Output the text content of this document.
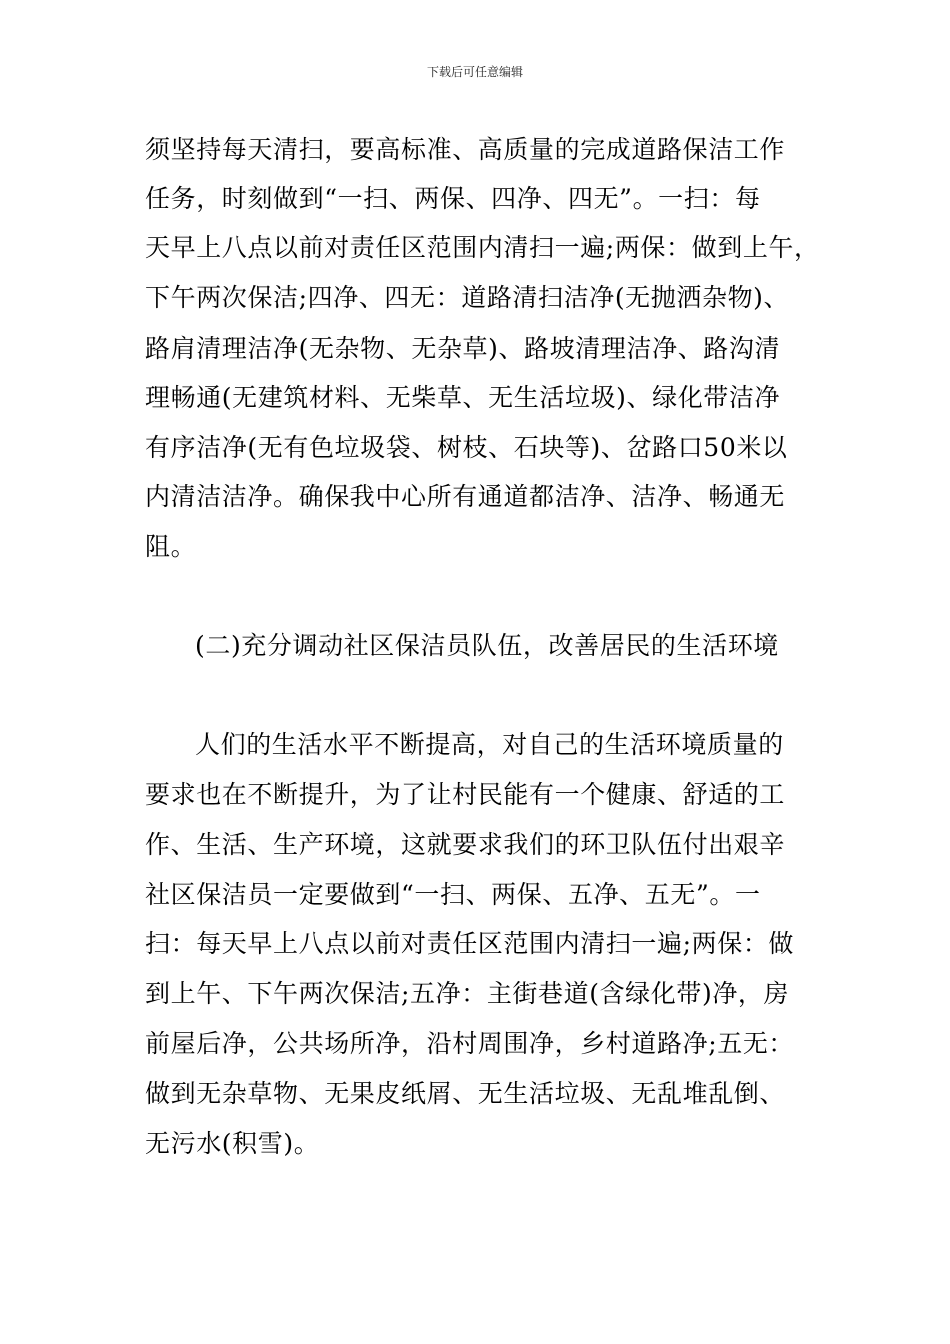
下载后可任意编辑
须坚持每天清扫，要高标准、高质量的完成道路保洁工作
任务，时刻做到“一扫、两保、四净、四无”。一扫：每
天早上八点以前对责任区范围内清扫一遍;两保：做到上午，
下午两次保洁;四净、四无：道路清扫洁净(无抛洒杂物)、
路肩清理洁净(无杂物、无杂草)、路坡清理洁净、路沟清
理畅通(无建筑材料、无柴草、无生活垃圾)、绿化带洁净
有序洁净(无有色垃圾袋、树枝、石块等)、岔路口50米以
内清洁洁净。确保我中心所有通道都洁净、洁净、畅通无
阻。
(二)充分调动社区保洁员队伍，改善居民的生活环境
人们的生活水平不断提高，对自己的生活环境质量的
要求也在不断提升，为了让村民能有一个健康、舒适的工
作、生活、生产环境，这就要求我们的环卫队伍付出艰辛
社区保洁员一定要做到“一扫、两保、五净、五无”。一
扫：每天早上八点以前对责任区范围内清扫一遍;两保：做
到上午、下午两次保洁;五净：主街巷道(含绿化带)净，房
前屋后净，公共场所净，沿村周围净，乡村道路净;五无：
做到无杂草物、无果皮纸屑、无生活垃圾、无乱堆乱倒、
无污水(积雪)。
